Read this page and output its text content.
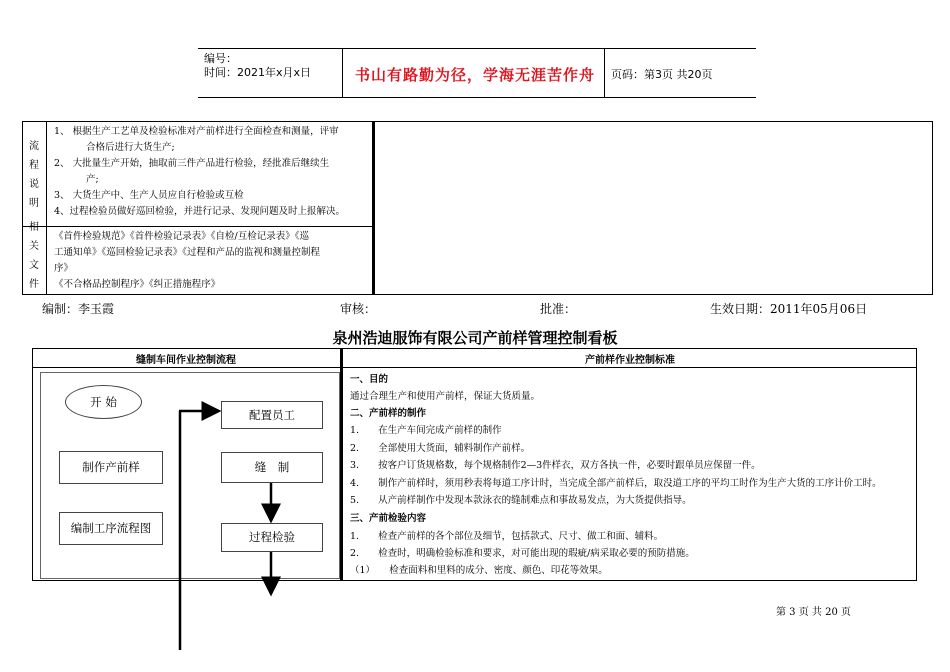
编号：
时间：2021年x月x日	书山有路勤为径，学海无涯苦作舟 页码：第3页 共20页
流
程
说
明
1、 根据生产工艺单及检验标准对产前样进行全面检查和测量，评审
合格后进行大货生产;
2、 大批量生产开始，抽取前三件产品进行检验，经批准后继续生
产;
3、 大货生产中、生产人员应自行检验或互检
4、过程检验员做好巡回检验，并进行记录、发现问题及时上报解决。
相
关
文
件
《首件检验规范》《首件检验记录表》《自检/互检记录表》《巡
工通知单》《巡回检验记录表》《过程和产品的监视和测量控制程
序》
《不合格品控制程序》《纠正措施程序》
编制：李玉霞	审核：	批准：	生效日期：2011年05月06日
泉州浩迪服饰有限公司产前样管理控制看板
缝制车间作业控制流程	产前样作业控制标准
开 始
制作产前样
编制工序流程图
配置员工
缝　制
过程检验
一、目的
通过合理生产和使用产前样，保证大货质量。
二、产前样的制作
1.　　在生产车间完成产前样的制作
2.　　全部使用大货面，辅料制作产前样。
3.　　按客户订货规格数，每个规格制作2—3件样衣，双方各执一件，必要时跟单员应保留一件。
4.　　制作产前样时，须用秒表将每道工序计时，当完成全部产前样后，取没道工序的平均工时作为生产大货的工序计价工时。
5.　　从产前样制作中发现本款泳衣的缝制难点和事故易发点，为大货提供指导。
三、产前检验内容
1.　　检查产前样的各个部位及细节，包括款式、尺寸、做工和面、辅料。
2.　　检查时，明确检验标准和要求，对可能出现的瑕疵/病采取必要的预防措施。
（1）　　检查面料和里料的成分、密度、颜色、印花等效果。
第 3 页 共 20 页
